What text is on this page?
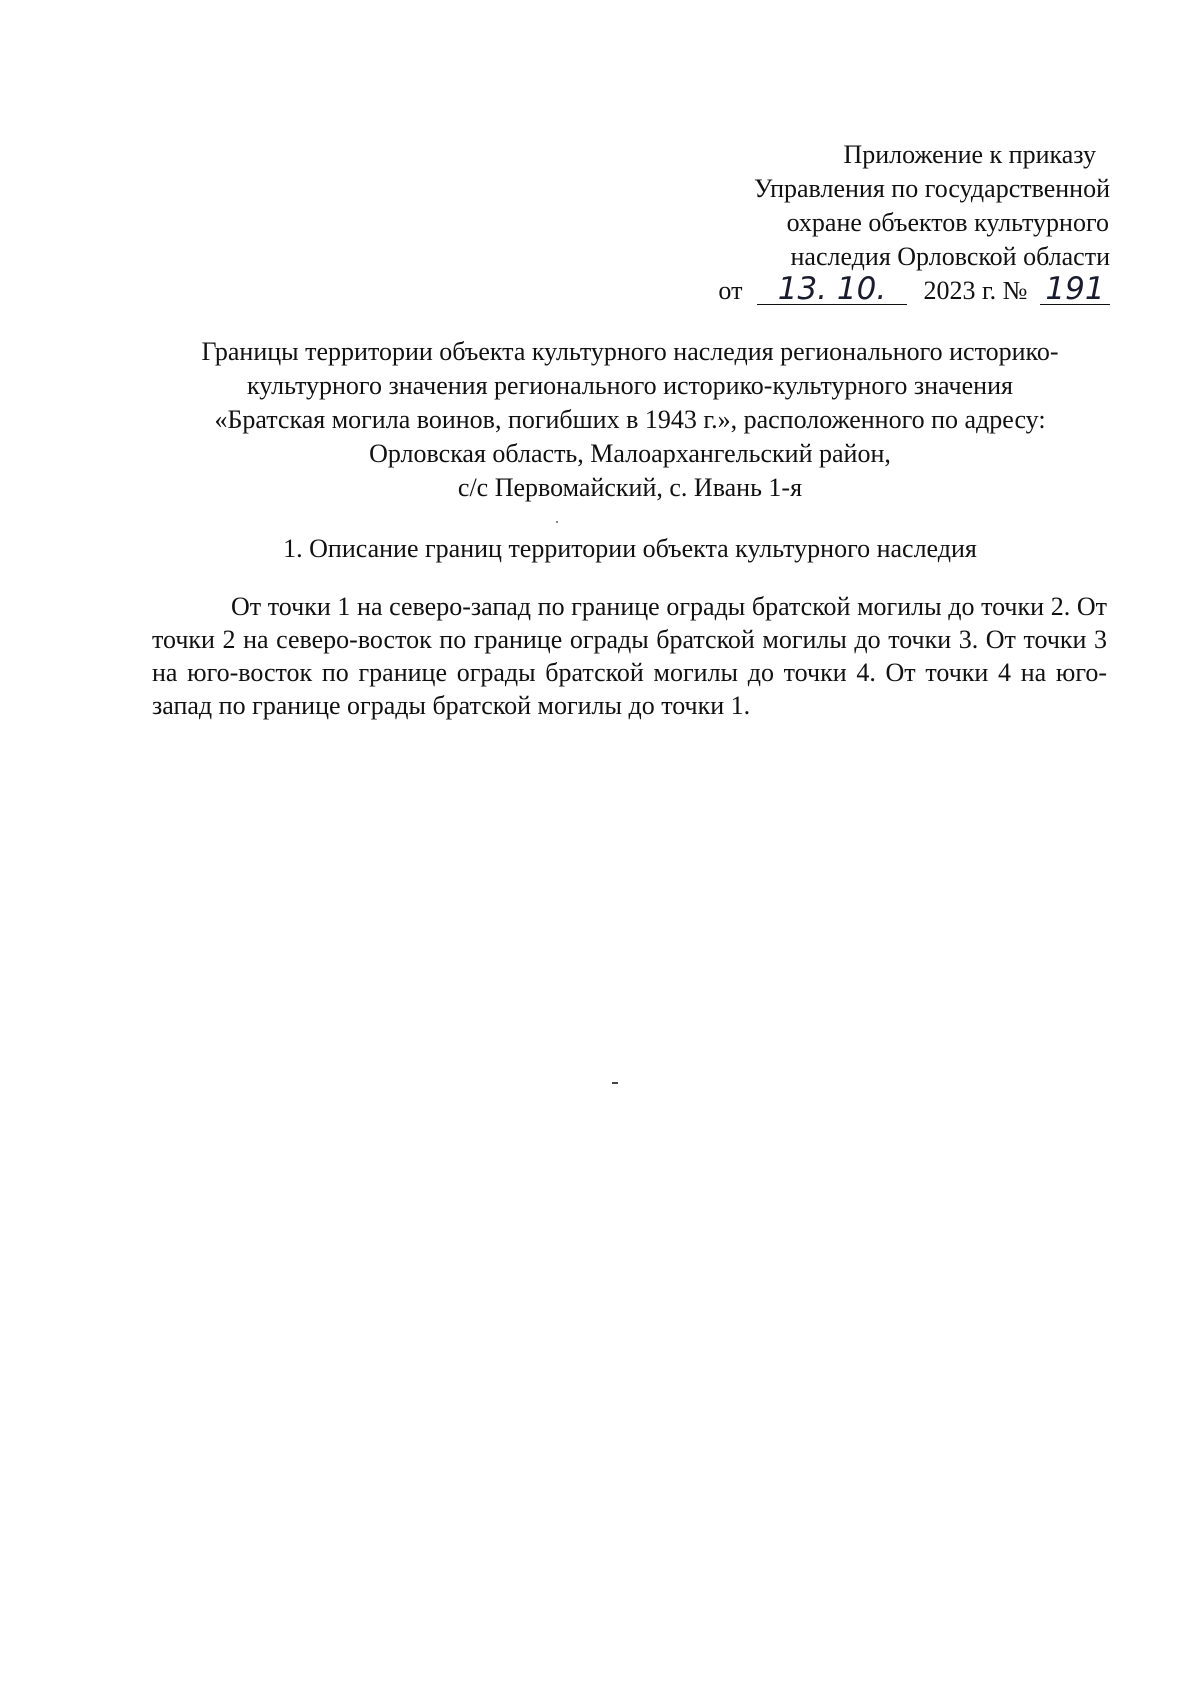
Приложение к приказу
Управления по государственной
охране объектов культурного
наследия Орловской области
от 13. 10. 2023 г. № 191
Границы территории объекта культурного наследия регионального историко-
культурного значения регионального историко-культурного значения
«Братская могила воинов, погибших в 1943 г.», расположенного по адресу:
Орловская область, Малоархангельский район,
с/с Первомайский, с. Ивань 1-я
1. Описание границ территории объекта культурного наследия

От точки 1 на северо-запад по границе ограды братской могилы до точки 2. От точки 2 на северо-восток по границе ограды братской могилы до точки 3. От точки 3 на юго-восток по границе ограды братской могилы до точки 4. От точки 4 на юго-запад по границе ограды братской могилы до точки 1.
